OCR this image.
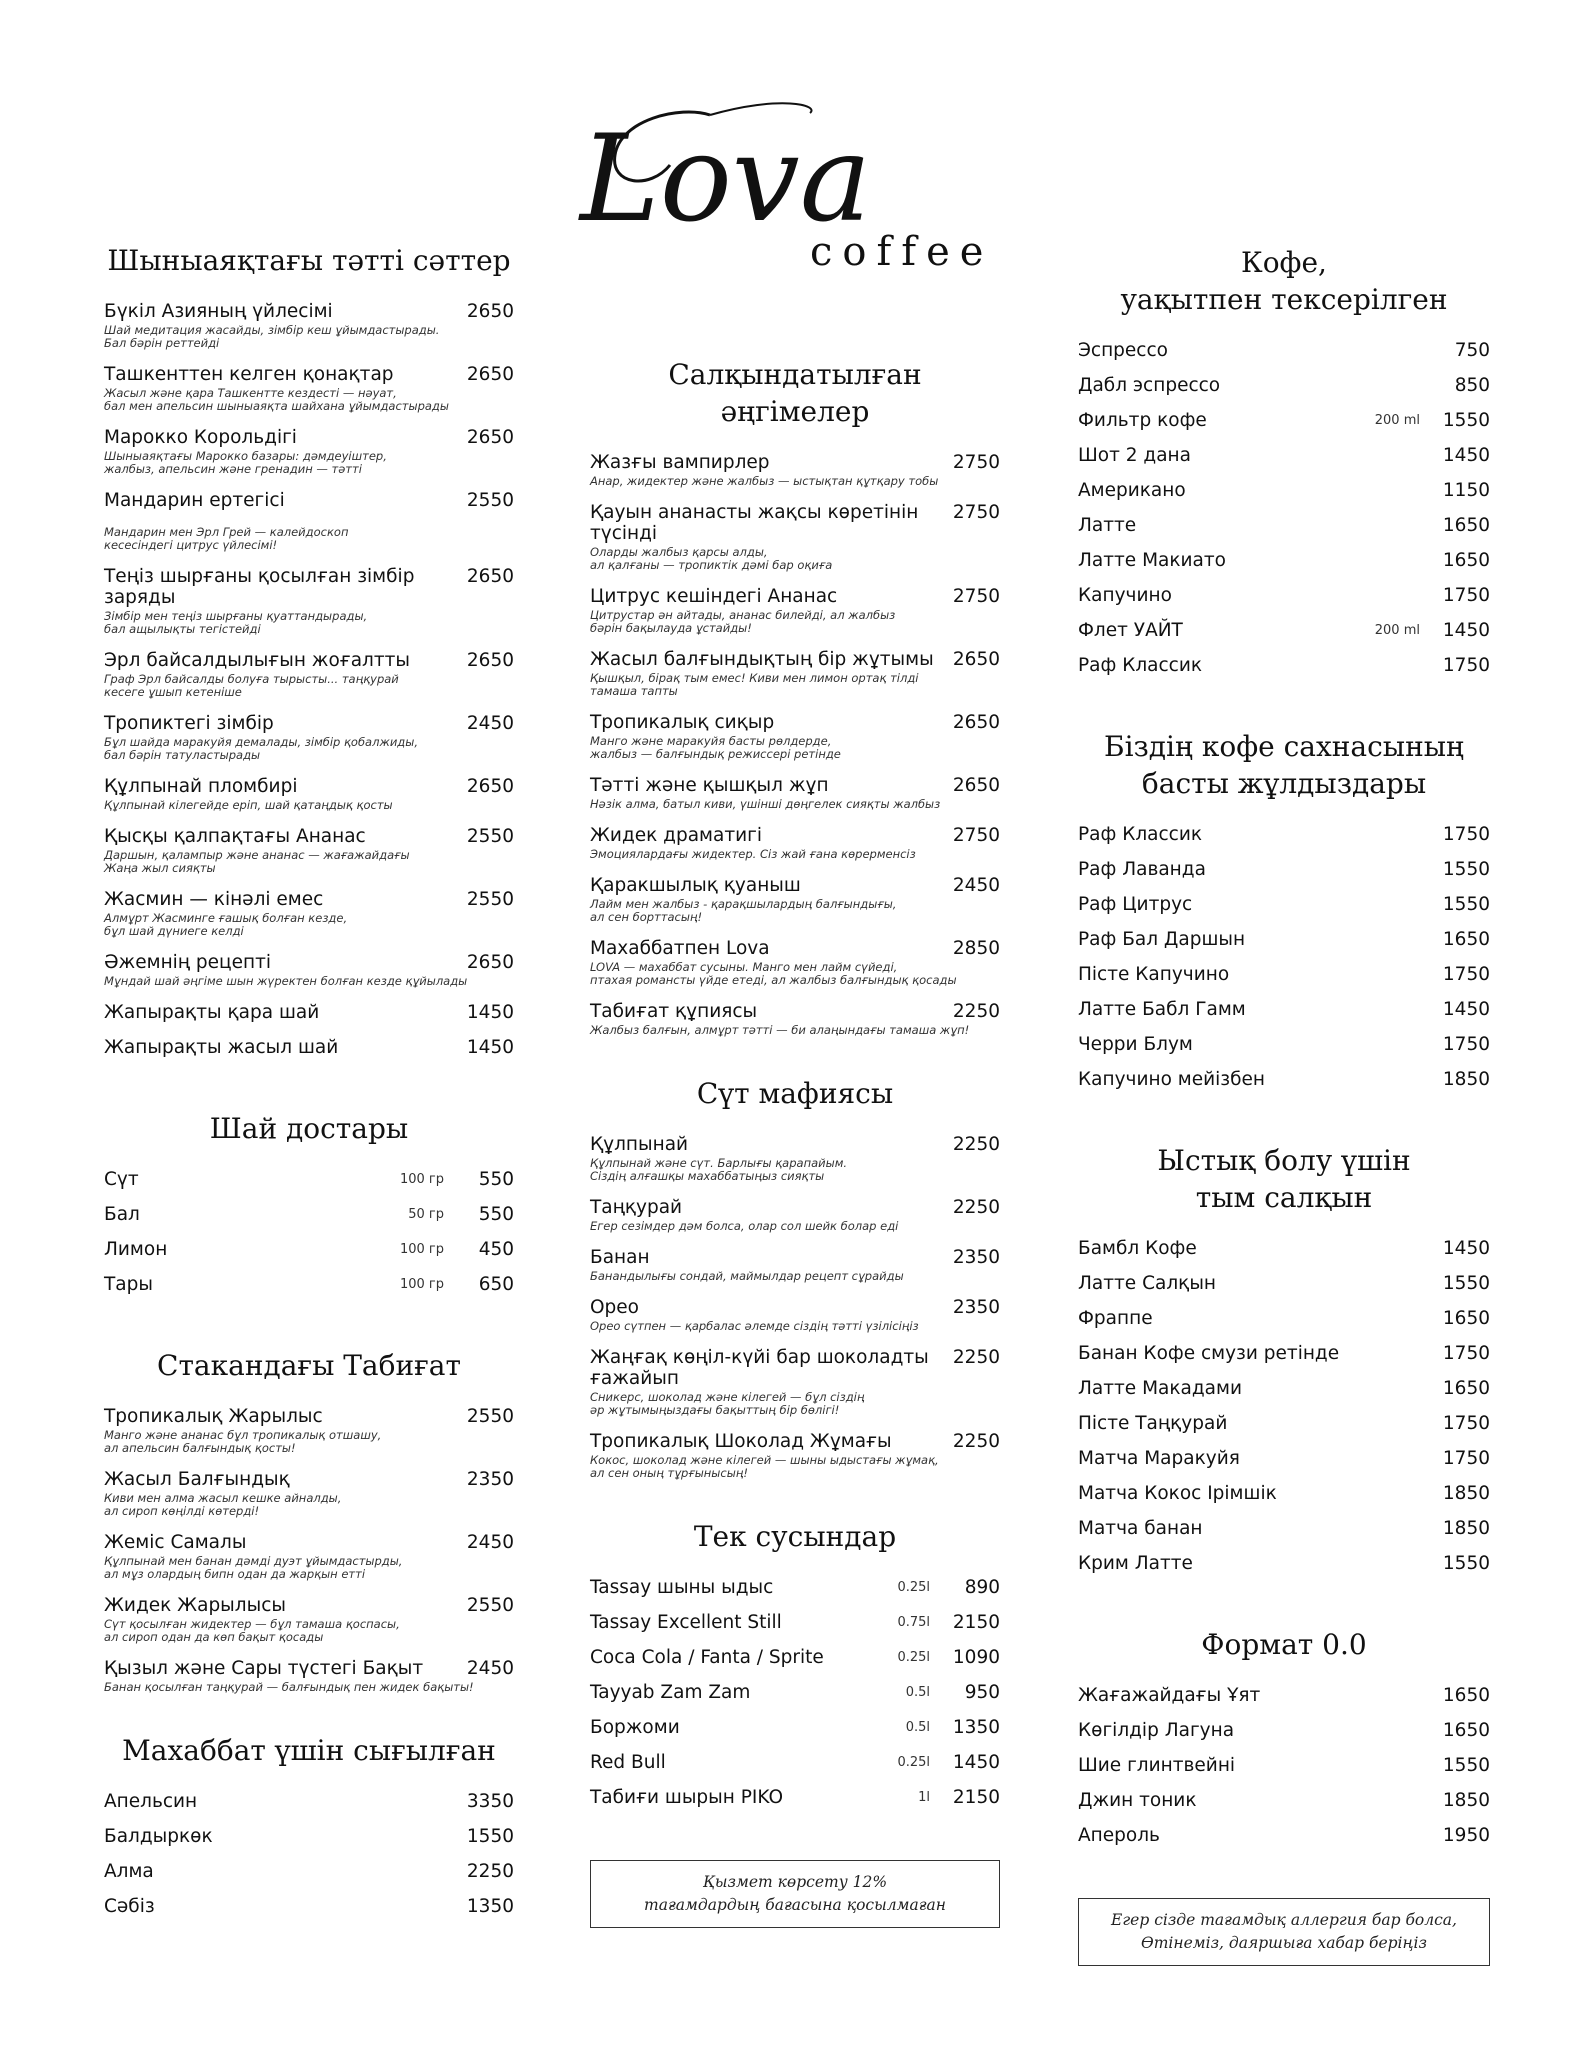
Lova
coffee
Шыныаяқтағы тәтті сәттер
Бүкіл Азияның үйлесімі	2650
Шай медитация жасайды, зімбір кеш ұйымдастырады.
Бал бәрін реттейді
Ташкенттен келген қонақтар	2650
Жасыл және қара Ташкентте кездесті — нәуат,
бал мен апельсин шыныаяқта шайхана ұйымдастырады
Марокко Корольдігі	2650
Шыныаяқтағы Марокко базары: дәмдеуіштер,
жалбыз, апельсин және гренадин — тәтті
Мандарин ертегісі	2550

Мандарин мен Эрл Грей — калейдоскоп
кесесіндегі цитрус үйлесімі!
Теңіз шырғаны қосылған зімбір заряды
2650
Зімбір мен теңіз шырғаны қуаттандырады,
бал ащылықты тегістейді
Эрл байсалдылығын жоғалтты	2650
Граф Эрл байсалды болуға тырысты... таңқурай
кесеге ұшып кетеніше
Тропиктегі зімбір	2450
Бұл шайда маракуйя демалады, зімбір қобалжиды,
бал бәрін татуластырады
Құлпынай пломбирі	2650
Құлпынай кілегейде еріп, шай қатаңдық қосты
Қысқы қалпақтағы Ананас	2550
Даршын, қалампыр және ананас — жағажайдағы
Жаңа жыл сияқты
Жасмин — кінәлі емес	2550
Алмұрт Жасминге ғашық болған кезде,
бұл шай дүниеге келді
Әжемнің рецепті	2650
Мұндай шай әңгіме шын жүректен болған кезде құйылады
Жапырақты қара шай	1450
Жапырақты жасыл шай	1450
Шай достары
Сүт	100 гр 550
Бал	50 гр 550
Лимон	100 гр 450
Тары	100 гр 650
Стакандағы Табиғат
Тропикалық Жарылыс	2550
Манго және ананас бұл тропикалық отшашу,
ал апельсин балғындық қосты!
Жасыл Балғындық	2350
Киви мен алма жасыл кешке айналды,
ал сироп көңілді көтерді!
Жеміс Самалы	2450
Құлпынай мен банан дәмді дуэт ұйымдастырды,
ал мұз олардың бипн одан да жарқын етті
Жидек Жарылысы	2550
Сүт қосылған жидектер — бұл тамаша қоспасы,
ал сироп одан да көп бақыт қосады
Қызыл және Сары түстегі Бақыт	2450
Банан қосылған таңқурай — балғындық пен жидек бақыты!
Махаббат үшін сығылған
Апельсин	3350
Балдыркөк	1550
Алма	2250
Сәбіз	1350
Салқындатылған әңгімелер
Жазғы вампирлер	2750
Анар, жидектер және жалбыз — ыстықтан құтқару тобы
Қауын ананасты жақсы көретінін түсінді
2750
Оларды жалбыз қарсы алды,
ал қалғаны — тропиктік дәмі бар оқиға
Цитрус кешіндегі Ананас	2750
Цитрустар ән айтады, ананас билейді, ал жалбыз
бәрін бақылауда ұстайды!
Жасыл балғындықтың бір жұтымы	2650
Қышқыл, бірақ тым емес! Киви мен лимон ортақ тілді
тамаша тапты
Тропикалық сиқыр	2650
Манго және маракуйя басты рөлдерде,
жалбыз — балғындық режиссері ретінде
Тәтті және қышқыл жұп	2650
Нәзік алма, батыл киви, үшінші дөңгелек сияқты жалбыз
Жидек драматигі	2750
Эмоциялардағы жидектер. Сіз жай ғана көрерменсіз
Қаракшылық қуаныш	2450
Лайм мен жалбыз - қарақшылардың балғындығы,
ал сен борттасың!
Махаббатпен Lova	2850
LOVA — махаббат сусыны. Манго мен лайм сүйеді,
птахая романсты үйде етеді, ал жалбыз балғындық қосады
Табиғат құпиясы	2250
Жалбыз балғын, алмұрт тәтті — би алаңындағы тамаша жұп!
Сүт мафиясы
Құлпынай	2250
Құлпынай және сүт. Барлығы қарапайым.
Сіздің алғашқы махаббатыңыз сияқты
Таңқурай	2250
Егер сезімдер дәм болса, олар сол шейк болар еді
Банан	2350
Банандылығы сондай, маймылдар рецепт сұрайды
Орео	2350
Орео сүтпен — қарбалас әлемде сіздің тәтті үзілісіңіз
Жаңғақ көңіл-күйі бар шоколадты ғажайып
2250
Сникерс, шоколад және кілегей — бұл сіздің
әр жұтымыңыздағы бақыттың бір бөлігі!
Тропикалық Шоколад Жұмағы	2250
Кокос, шоколад және кілегей — шыны ыдыстағы жұмақ,
ал сен оның тұрғынысың!
Тек сусындар
Tassay шыны ыдыс	0.25l 890
Tassay Excellent Still	0.75l 2150
Coca Cola / Fanta / Sprite	0.25l 1090
Tayyab Zam Zam	0.5l 950
Боржоми	0.5l 1350
Red Bull	0.25l 1450
Табиғи шырын PIKO	1l 2150
Қызмет көрсету 12%
тағамдардың бағасына қосылмаған
Кофе,
уақытпен тексерілген
Эспрессо	750
Дабл эспрессо	850
Фильтр кофе	200 ml 1550
Шот 2 дана	1450
Американо	1150
Латте	1650
Латте Макиато	1650
Капучино	1750
Флет УАЙТ	200 ml 1450
Раф Классик	1750
Біздің кофе сахнасының
басты жұлдыздары
Раф Классик	1750
Раф Лаванда	1550
Раф Цитрус	1550
Раф Бал Даршын	1650
Пісте Капучино	1750
Латте Бабл Гамм	1450
Черри Блум	1750
Капучино мейізбен	1850
Ыстық болу үшін
тым салқын
Бамбл Кофе	1450
Латте Салқын	1550
Фраппе	1650
Банан Кофе смузи ретінде	1750
Латте Макадами	1650
Пісте Таңқурай	1750
Матча Маракуйя	1750
Матча Кокос Ірімшік	1850
Матча банан	1850
Крим Латте	1550
Формат 0.0
Жағажайдағы Ұят	1650
Көгілдір Лагуна	1650
Шие глинтвейні	1550
Джин тоник	1850
Апероль	1950
Егер сізде тағамдық аллергия бар болса,
Өтінеміз, даяршыға хабар беріңіз
